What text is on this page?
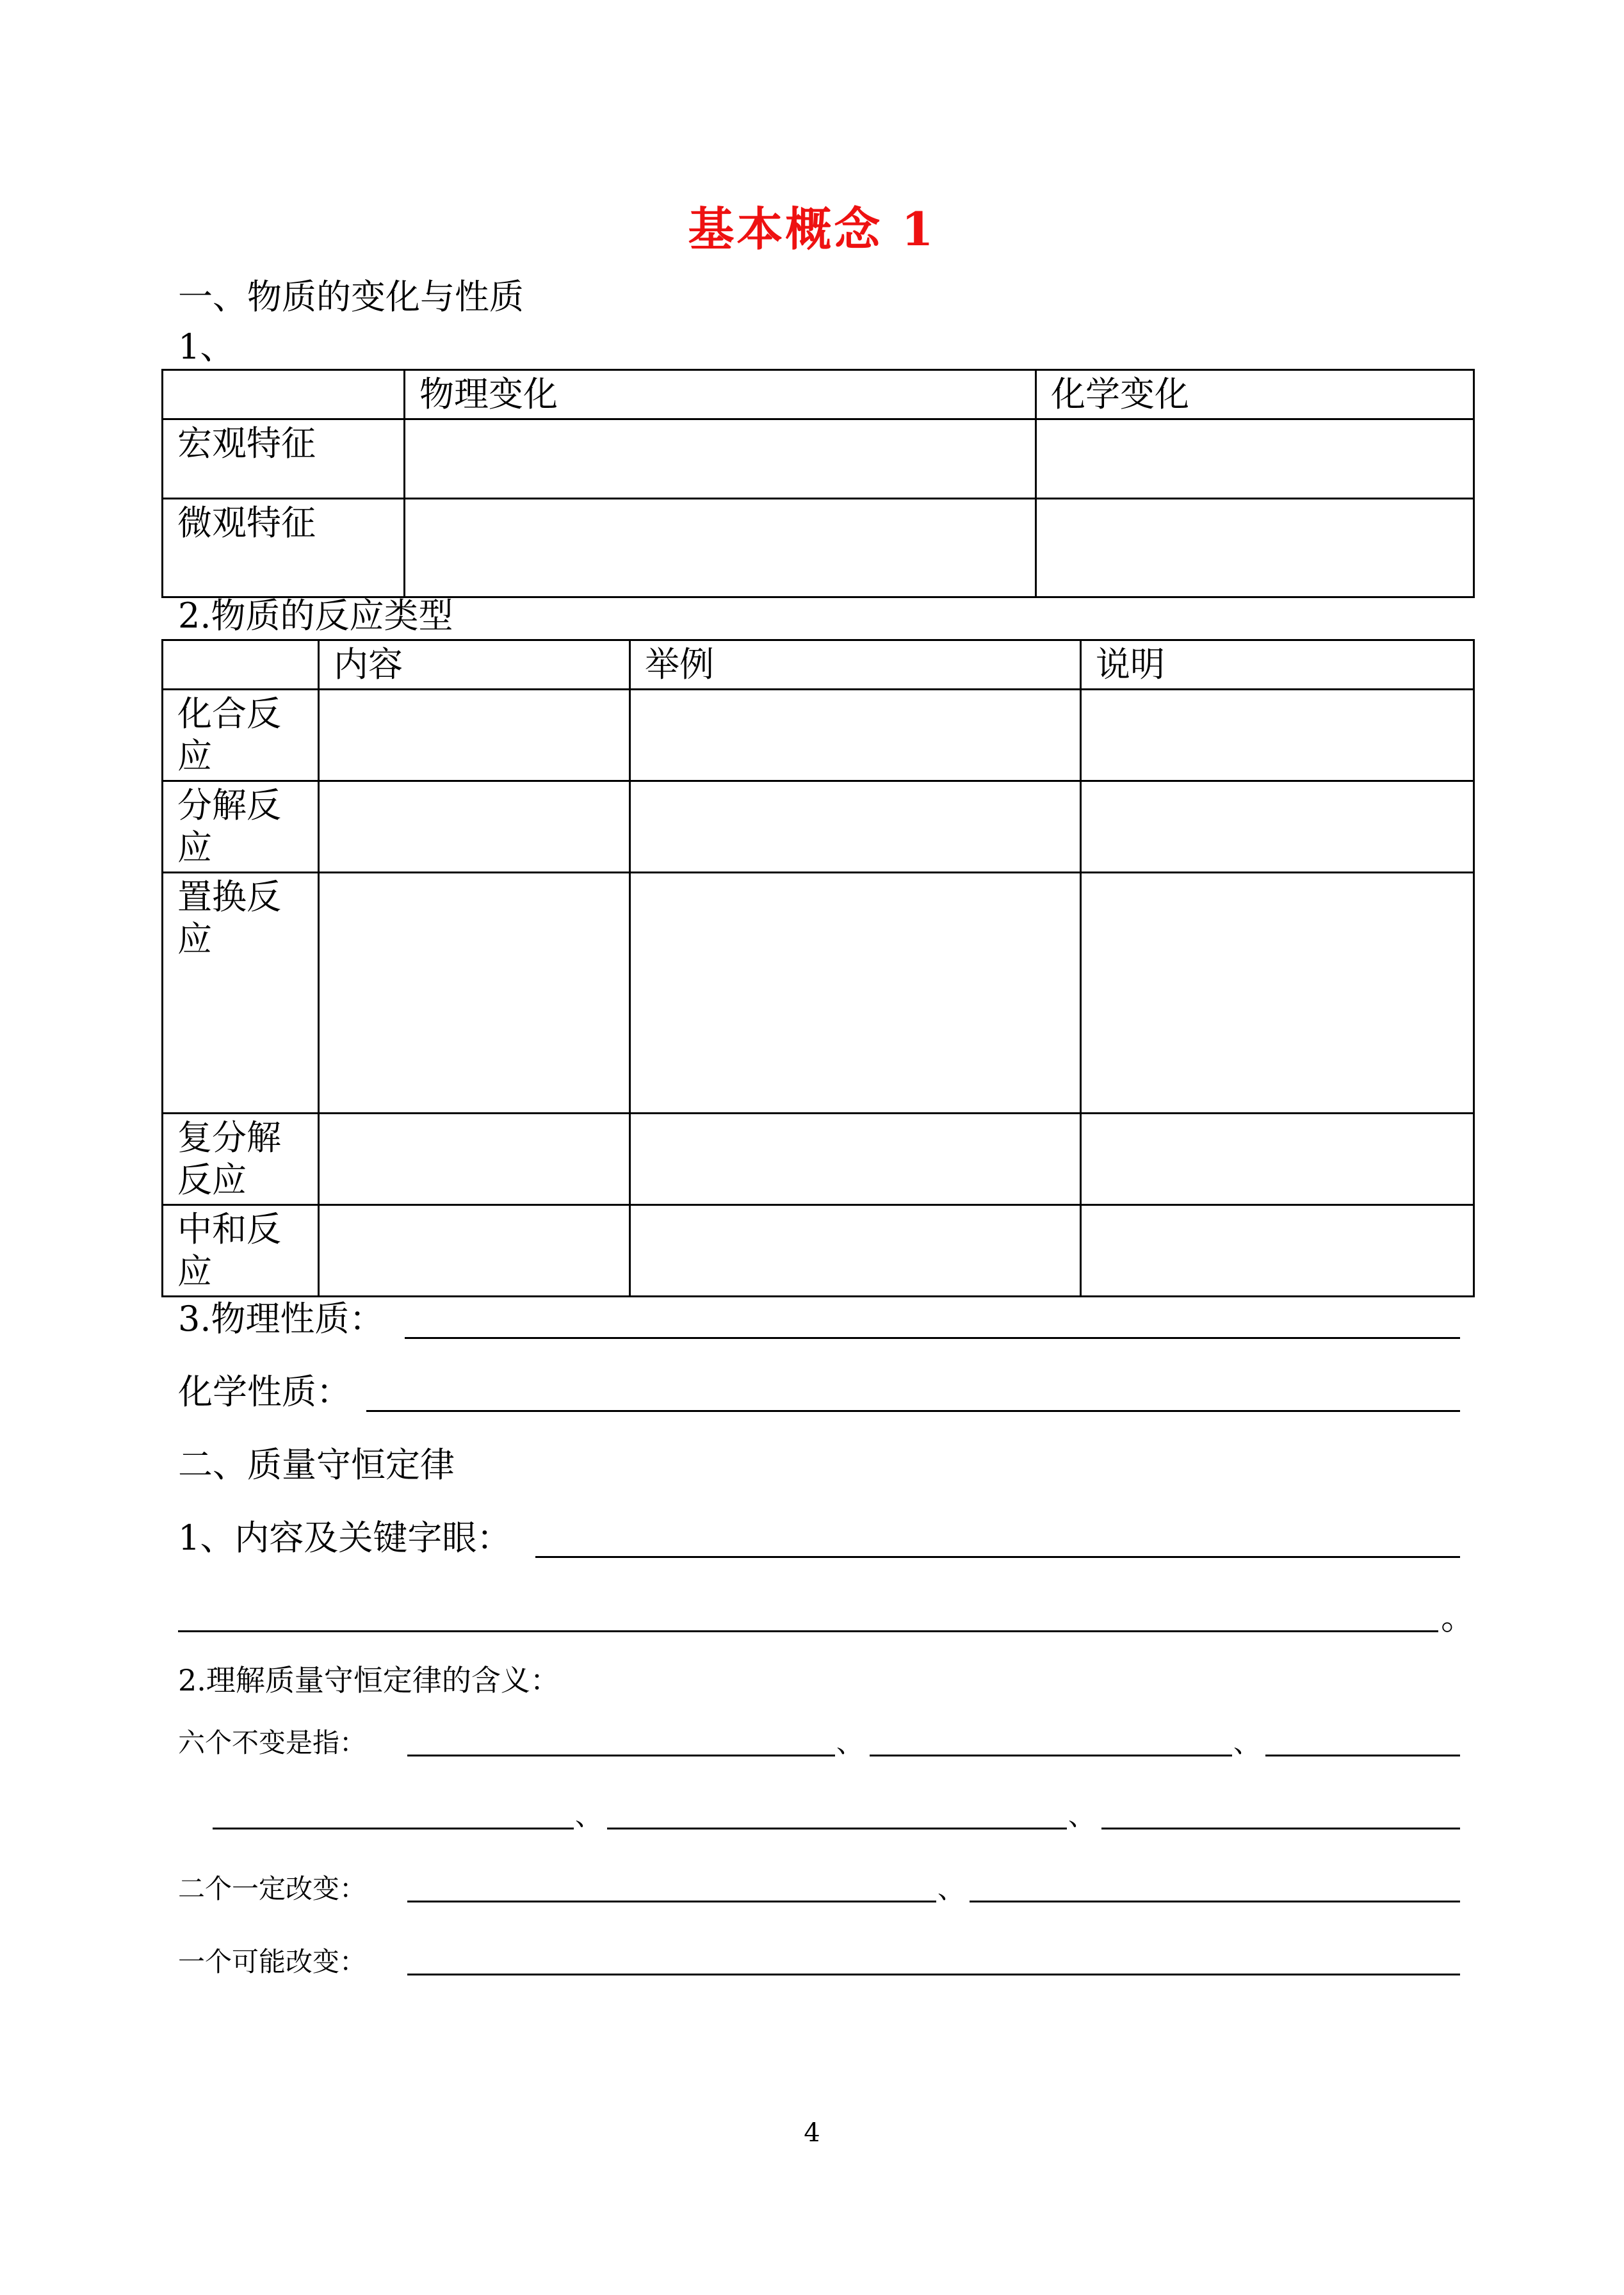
基本概念 1
一、物质的变化与性质
1、
	物理变化	化学变化
宏观特征		
微观特征		
2.物质的反应类型
	内容	举例	说明
化合反应			
分解反应			
置换反应			
复分解反应			
中和反应			
3.物理性质：
化学性质：
二、质量守恒定律
1、内容及关键字眼：
。
2.理解质量守恒定律的含义：
六个不变是指：	、	、
、	、
二个一定改变：	、
一个可能改变：
4
